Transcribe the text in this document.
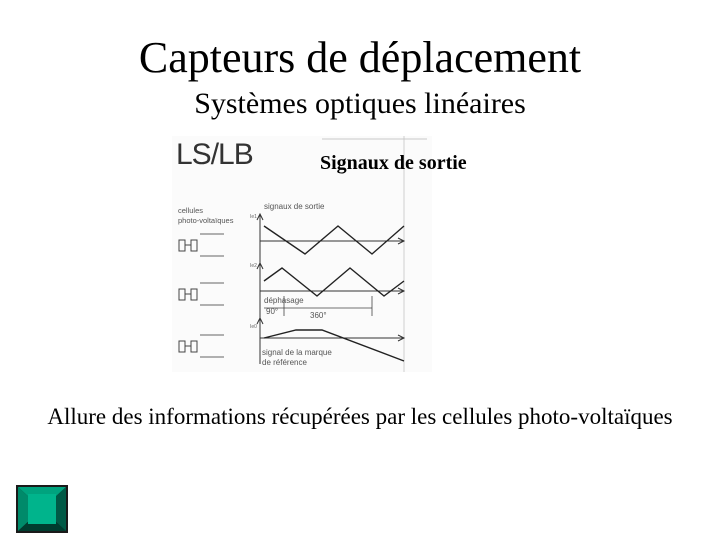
Capteurs de déplacement
Systèmes optiques linéaires
signaux de sortie
cellules
photo-voltaïques	Ie1
Ie2
Ie0
déphasage
90°	360°
signal de la marque
de référence
LS/LB	Signaux de sortie
Allure des informations récupérées par les cellules photo-voltaïques
